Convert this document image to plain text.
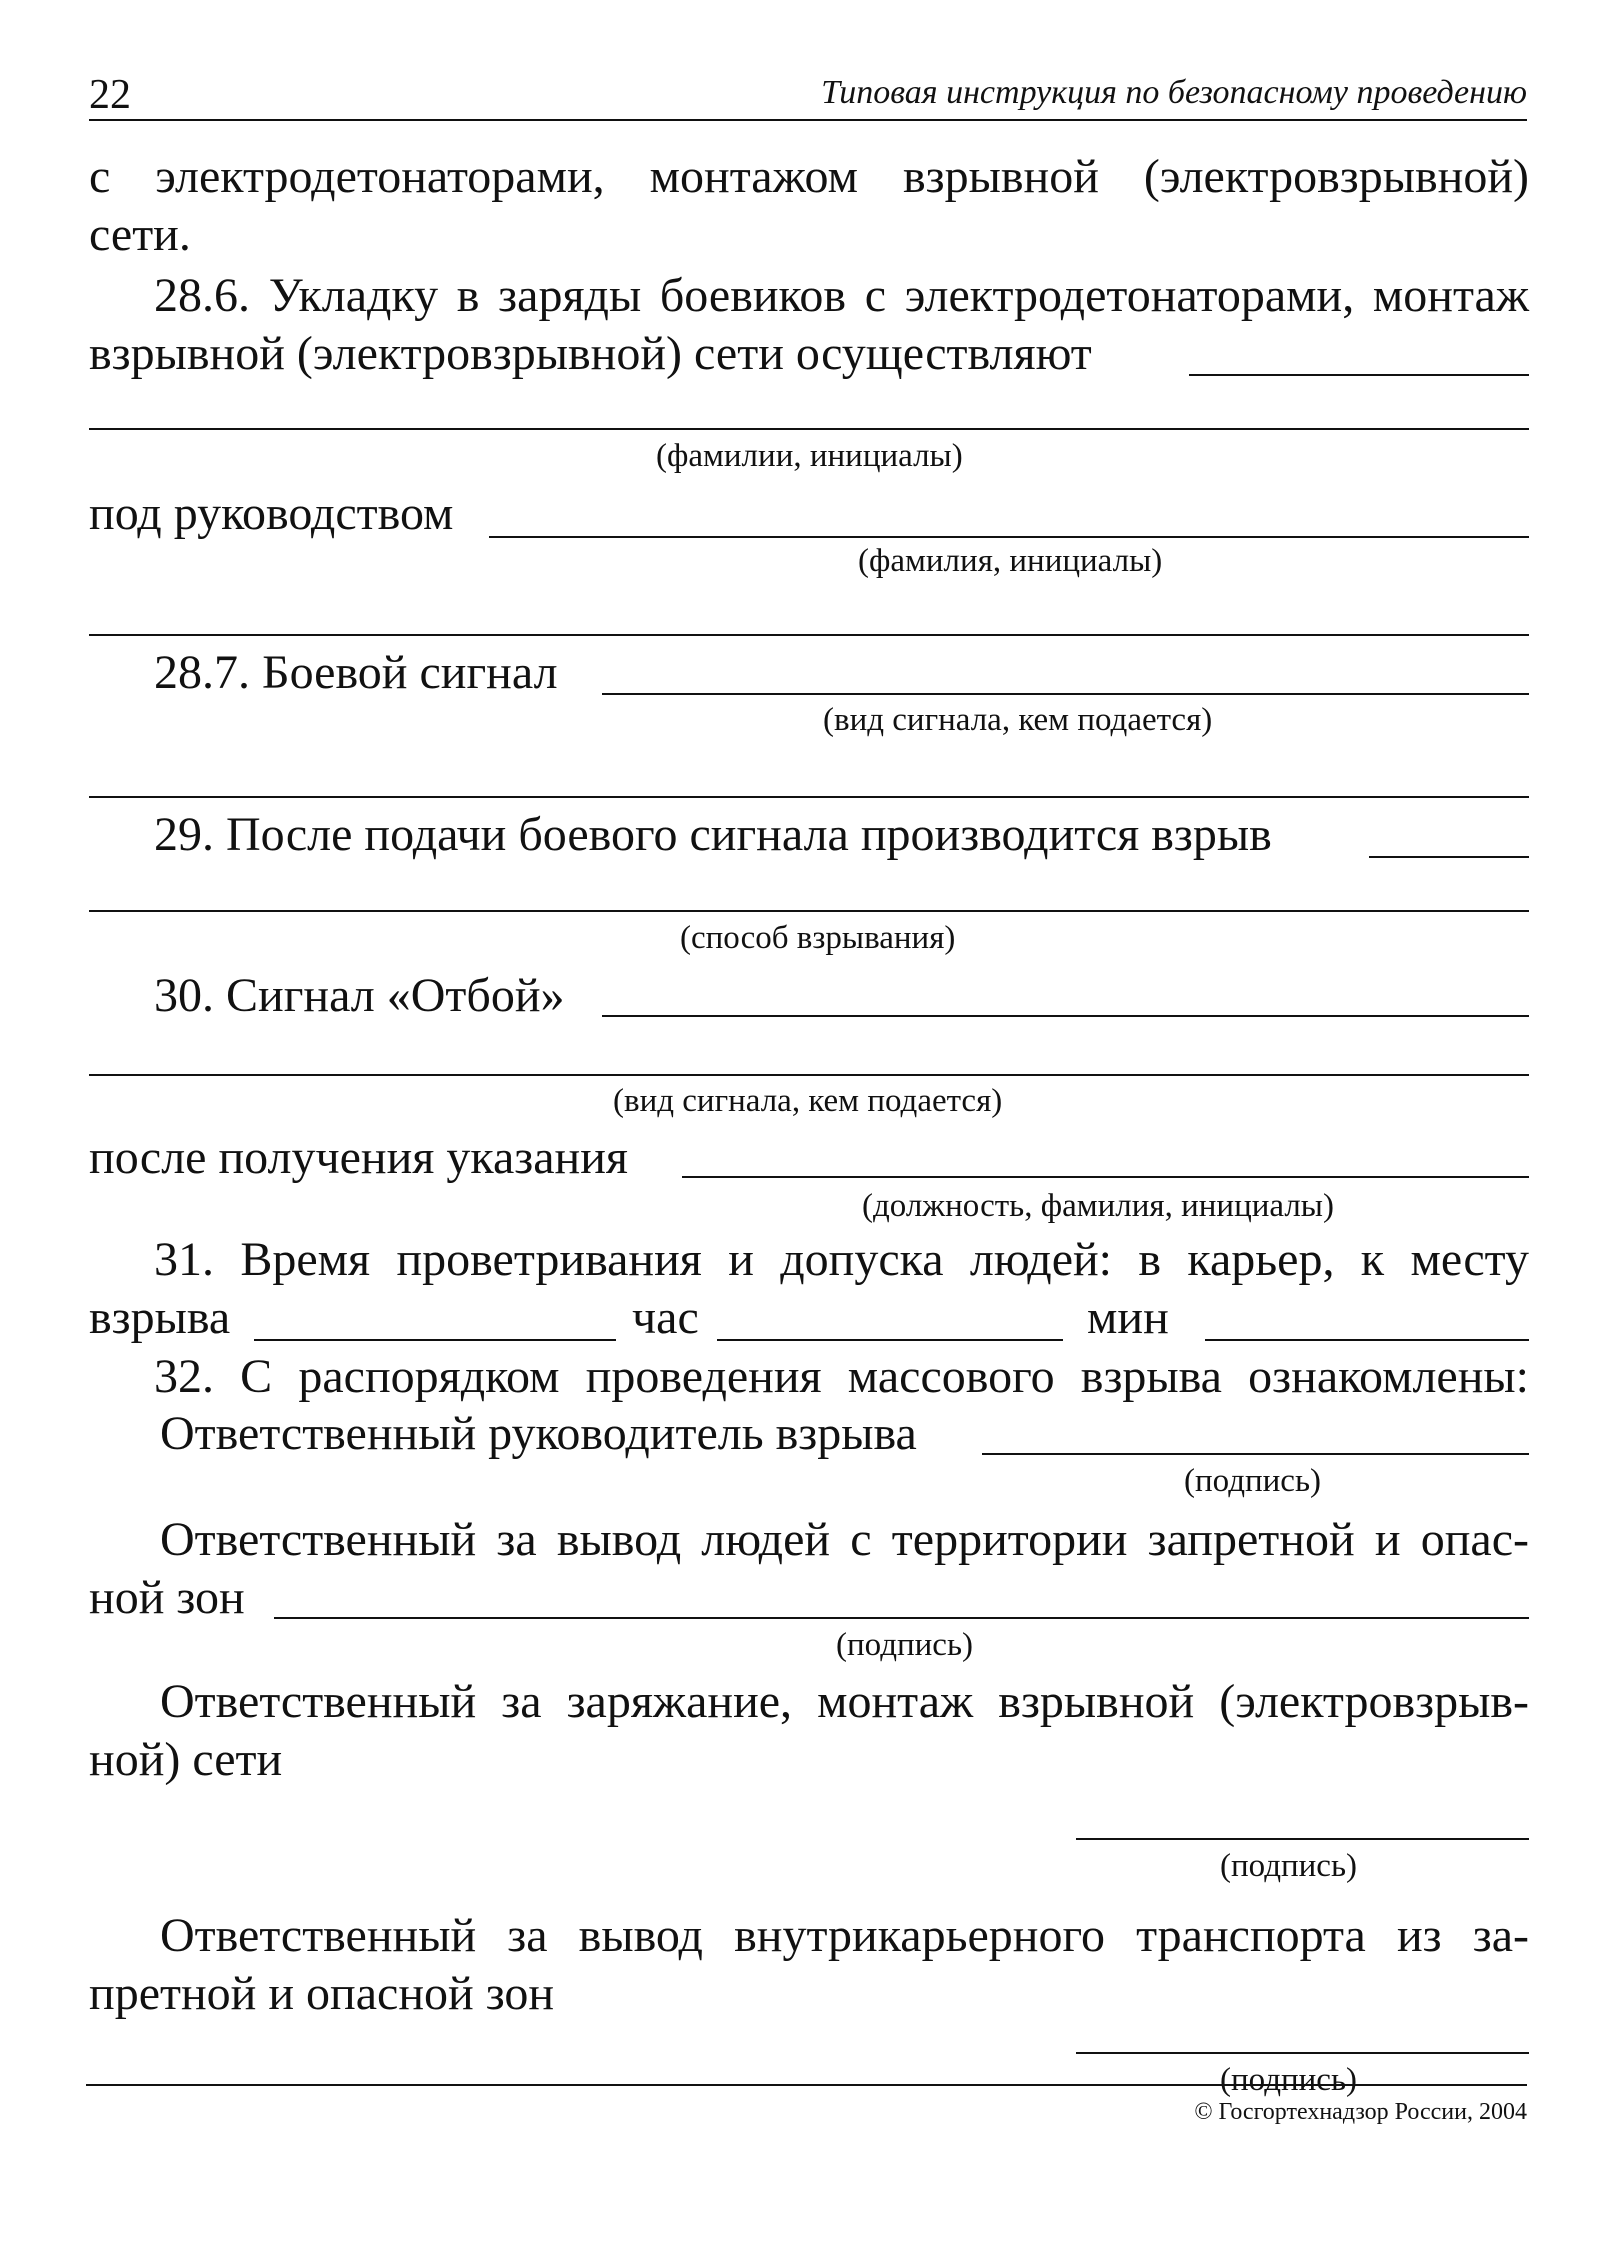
22	Типовая инструкция по безопасному проведению
с электродетонаторами, монтажом взрывной (электровзрывной)
сети.
28.6. Укладку в заряды боевиков с электродетонаторами, монтаж
взрывной (электровзрывной) сети осуществляют
(фамилии, инициалы)
под руководством
(фамилия, инициалы)
28.7. Боевой сигнал
(вид сигнала, кем подается)
29. После подачи боевого сигнала производится взрыв
(способ взрывания)
30. Сигнал «Отбой»
(вид сигнала, кем подается)
после получения указания
(должность, фамилия, инициалы)
31. Время проветривания и допуска людей: в карьер, к месту
взрыва	час	мин
32. С распорядком проведения массового взрыва ознакомлены:
Ответственный руководитель взрыва
(подпись)
Ответственный за вывод людей с территории запретной и опас-
ной зон
(подпись)
Ответственный за заряжание, монтаж взрывной (электровзрыв-
ной) сети
(подпись)
Ответственный за вывод внутрикарьерного транспорта из за-
претной и опасной зон
(подпись)
© Госгортехнадзор России, 2004
